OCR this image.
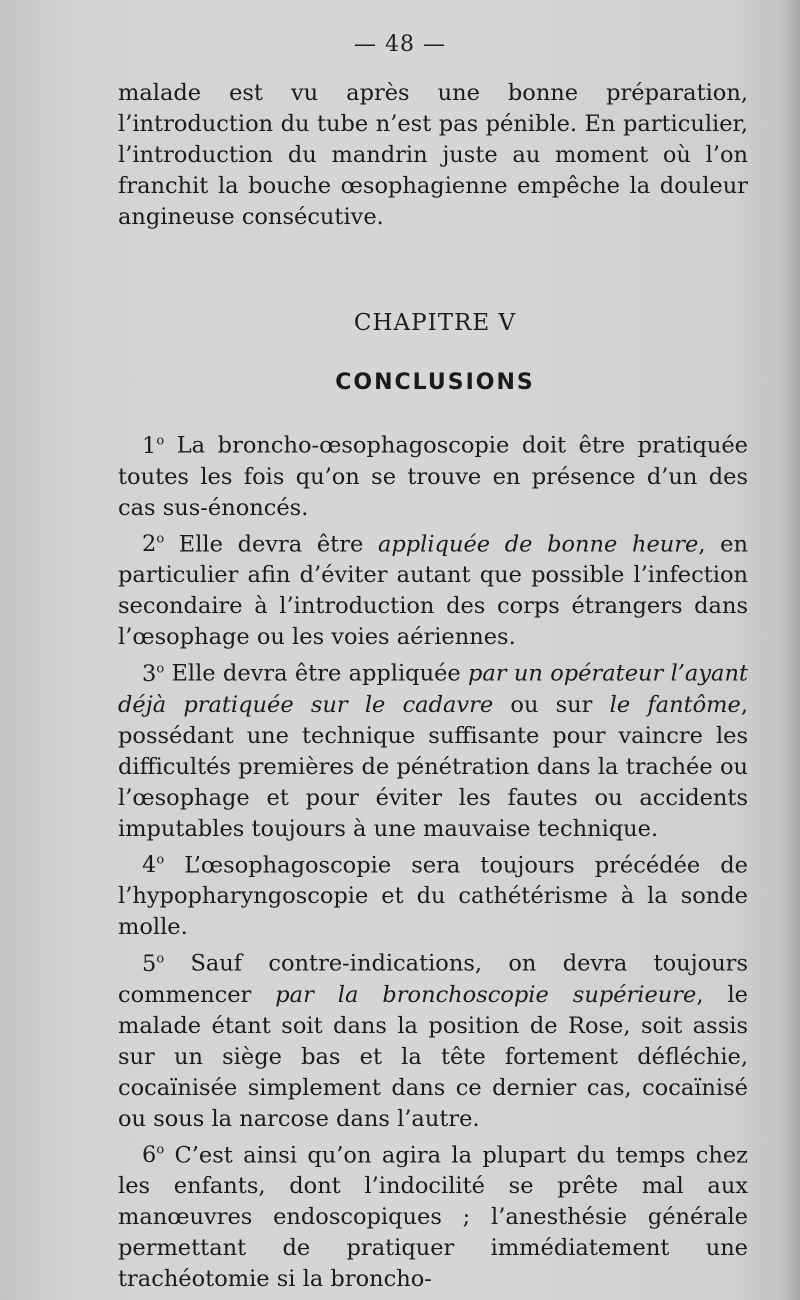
— 48 —
malade est vu après une bonne préparation, l’introduction du tube n’est pas pénible. En particulier, l’introduction du mandrin juste au moment où l’on franchit la bouche œsophagienne empêche la douleur angineuse consécutive.
CHAPITRE V
CONCLUSIONS

1$^o$ La broncho-œsophagoscopie doit être pratiquée toutes les fois qu’on se trouve en présence d’un des cas sus-énoncés.

2$^o$ Elle devra être appliquée de bonne heure, en particulier afin d’éviter autant que possible l’infection secondaire à l’introduction des corps étrangers dans l’œsophage ou les voies aériennes.

3$^o$ Elle devra être appliquée par un opérateur l’ayant déjà pratiquée sur le cadavre ou sur le fantôme, possédant une technique suffisante pour vaincre les difficultés premières de pénétration dans la trachée ou l’œsophage et pour éviter les fautes ou accidents imputables toujours à une mauvaise technique.

4$^o$ L’œsophagoscopie sera toujours précédée de l’hypopharyngoscopie et du cathétérisme à la sonde molle.

5$^o$ Sauf contre-indications, on devra toujours commencer par la bronchoscopie supérieure, le malade étant soit dans la position de Rose, soit assis sur un siège bas et la tête fortement défléchie, cocaïnisée simplement dans ce dernier cas, cocaïnisé ou sous la narcose dans l’autre.

6$^o$ C’est ainsi qu’on agira la plupart du temps chez les enfants, dont l’indocilité se prête mal aux manœuvres endoscopiques ; l’anesthésie générale permettant de pratiquer immédiatement une trachéotomie si la broncho-
